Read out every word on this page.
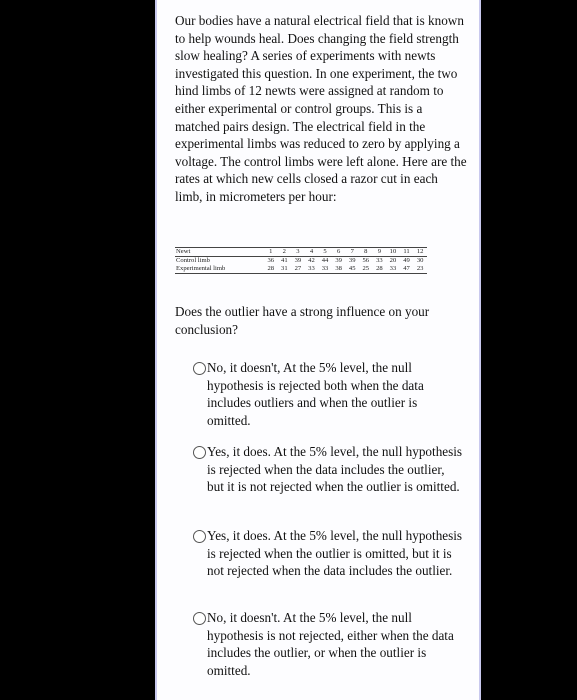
Our bodies have a natural electrical field that is known to help wounds heal. Does changing the field strength slow healing? A series of experiments with newts investigated this question. In one experiment, the two hind limbs of 12 newts were assigned at random to either experimental or control groups. This is a matched pairs design. The electrical field in the experimental limbs was reduced to zero by applying a voltage. The control limbs were left alone. Here are the rates at which new cells closed a razor cut in each limb, in micrometers per hour:
Newt	1	2	3	4	5	6	7	8	9	10	11	12
Control limb	36	41	39	42	44	39	39	56	33	20	49	30
Experimental limb	28	31	27	33	33	38	45	25	28	33	47	23
Does the outlier have a strong influence on your conclusion?
No, it doesn't, At the 5% level, the null hypothesis is rejected both when the data includes outliers and when the outlier is omitted.
Yes, it does. At the 5% level, the null hypothesis is rejected when the data includes the outlier, but it is not rejected when the outlier is omitted.
Yes, it does. At the 5% level, the null hypothesis is rejected when the outlier is omitted, but it is not rejected when the data includes the outlier.
No, it doesn't. At the 5% level, the null hypothesis is not rejected, either when the data includes the outlier, or when the outlier is omitted.
